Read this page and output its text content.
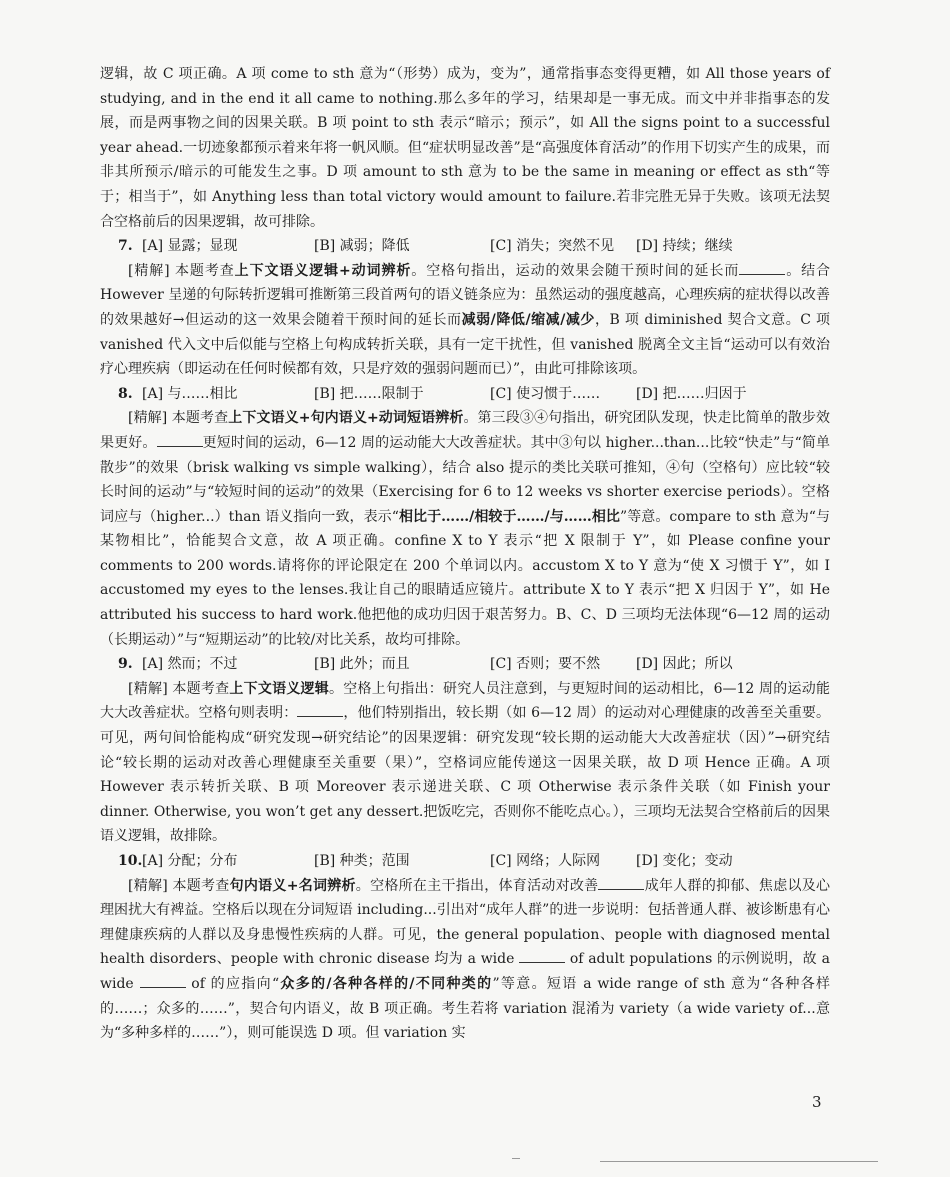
逻辑，故 C 项正确。A 项 come to sth 意为“（形势）成为，变为”，通常指事态变得更糟，如 All those years of studying, and in the end it all came to nothing.那么多年的学习，结果却是一事无成。而文中并非指事态的发展，而是两事物之间的因果关联。B 项 point to sth 表示“暗示；预示”，如 All the signs point to a successful year ahead.一切迹象都预示着来年将一帆风顺。但“症状明显改善”是“高强度体育活动”的作用下切实产生的成果，而非其所预示/暗示的可能发生之事。D 项 amount to sth 意为 to be the same in meaning or effect as sth“等于；相当于”，如 Anything less than total victory would amount to failure.若非完胜无异于失败。该项无法契合空格前后的因果逻辑，故可排除。

7. [A] 显露；显现	[B] 减弱；降低	[C] 消失；突然不见	[D] 持续；继续

[精解] 本题考查上下文语义逻辑+动词辨析。空格句指出，运动的效果会随干预时间的延长而	。结合 However 呈递的句际转折逻辑可推断第三段首两句的语义链条应为：虽然运动的强度越高，心理疾病的症状得以改善的效果越好→但运动的这一效果会随着干预时间的延长而减弱/降低/缩减/减少，B 项 diminished 契合文意。C 项 vanished 代入文中后似能与空格上句构成转折关联，具有一定干扰性，但 vanished 脱离全文主旨“运动可以有效治疗心理疾病（即运动在任何时候都有效，只是疗效的强弱问题而已）”，由此可排除该项。

8. [A] 与……相比	[B] 把……限制于	[C] 使习惯于……	[D] 把……归因于

[精解] 本题考查上下文语义+句内语义+动词短语辨析。第三段③④句指出，研究团队发现，快走比简单的散步效果更好。	更短时间的运动，6—12 周的运动能大大改善症状。其中③句以 higher...than...比较“快走”与“简单散步”的效果（brisk walking vs simple walking），结合 also 提示的类比关联可推知，④句（空格句）应比较“较长时间的运动”与“较短时间的运动”的效果（Exercising for 6 to 12 weeks vs shorter exercise periods）。空格词应与（higher...）than 语义指向一致，表示“相比于……/相较于……/与……相比”等意。compare to sth 意为“与某物相比”，恰能契合文意，故 A 项正确。confine X to Y 表示“把 X 限制于 Y”，如 Please confine your comments to 200 words.请将你的评论限定在 200 个单词以内。accustom X to Y 意为“使 X 习惯于 Y”，如 I accustomed my eyes to the lenses.我让自己的眼睛适应镜片。attribute X to Y 表示“把 X 归因于 Y”，如 He attributed his success to hard work.他把他的成功归因于艰苦努力。B、C、D 三项均无法体现“6—12 周的运动（长期运动）”与“短期运动”的比较/对比关系，故均可排除。

9. [A] 然而；不过	[B] 此外；而且	[C] 否则；要不然	[D] 因此；所以

[精解] 本题考查上下文语义逻辑。空格上句指出：研究人员注意到，与更短时间的运动相比，6—12 周的运动能大大改善症状。空格句则表明：	，他们特别指出，较长期（如 6—12 周）的运动对心理健康的改善至关重要。可见，两句间恰能构成“研究发现→研究结论”的因果逻辑：研究发现“较长期的运动能大大改善症状（因）”→研究结论“较长期的运动对改善心理健康至关重要（果）”，空格词应能传递这一因果关联，故 D 项 Hence 正确。A 项 However 表示转折关联、B 项 Moreover 表示递进关联、C 项 Otherwise 表示条件关联（如 Finish your dinner. Otherwise, you won’t get any dessert.把饭吃完，否则你不能吃点心。），三项均无法契合空格前后的因果语义逻辑，故排除。

10. [A] 分配；分布	[B] 种类；范围	[C] 网络；人际网	[D] 变化；变动

[精解] 本题考查句内语义+名词辨析。空格所在主干指出，体育活动对改善	成年人群的抑郁、焦虑以及心理困扰大有裨益。空格后以现在分词短语 including...引出对“成年人群”的进一步说明：包括普通人群、被诊断患有心理健康疾病的人群以及身患慢性疾病的人群。可见，the general population、people with diagnosed mental health disorders、people with chronic disease 均为 a wide	of adult populations 的示例说明，故 a wide	of 的应指向“众多的/各种各样的/不同种类的”等意。短语 a wide range of sth 意为“各种各样的……；众多的……”，契合句内语义，故 B 项正确。考生若将 variation 混淆为 variety（a wide variety of...意为“多种多样的……”），则可能误选 D 项。但 variation 实

3
